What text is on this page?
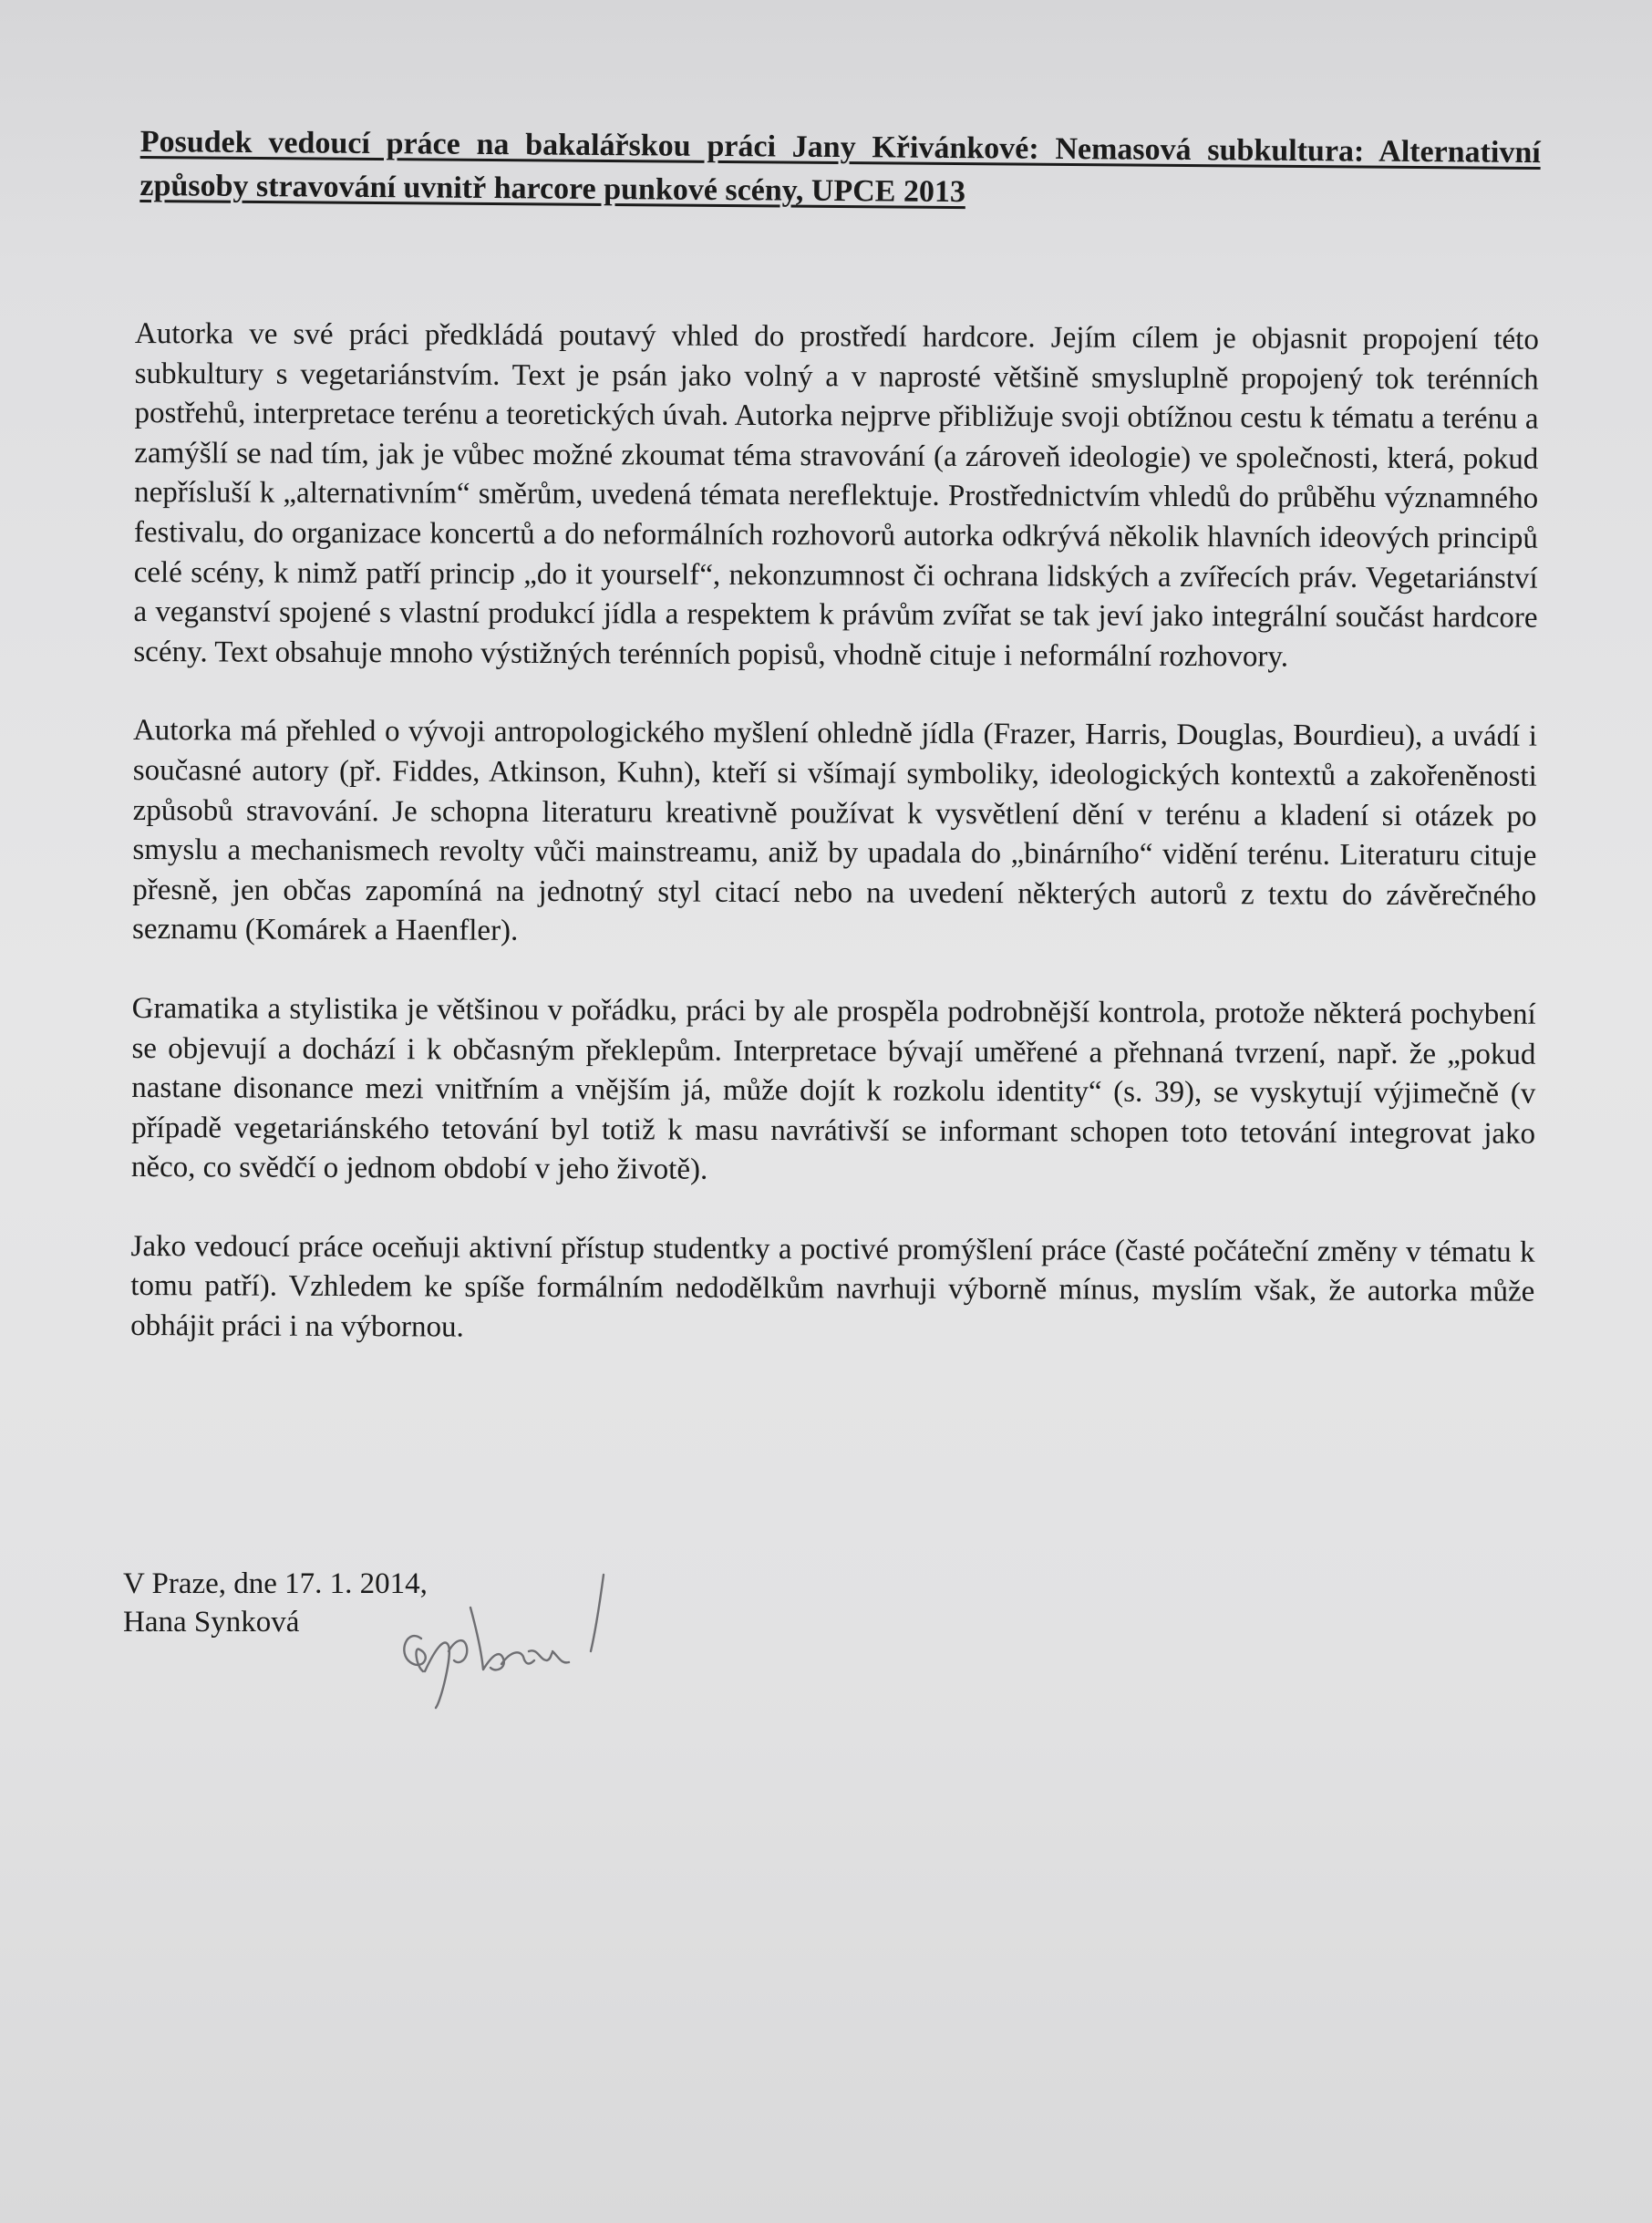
Posudek vedoucí práce na bakalářskou práci Jany Křivánkové: Nemasová subkultura: Alternativní způsoby stravování uvnitř harcore punkové scény, UPCE 2013

Autorka ve své práci předkládá poutavý vhled do prostředí hardcore. Jejím cílem je objasnit propojení této subkultury s vegetariánstvím. Text je psán jako volný a v naprosté většině smysluplně propojený tok terénních postřehů, interpretace terénu a teoretických úvah. Autorka nejprve přibližuje svoji obtížnou cestu k tématu a terénu a zamýšlí se nad tím, jak je vůbec možné zkoumat téma stravování (a zároveň ideologie) ve společnosti, která, pokud nepřísluší k „alternativním“ směrům, uvedená témata nereflektuje. Prostřednictvím vhledů do průběhu významného festivalu, do organizace koncertů a do neformálních rozhovorů autorka odkrývá několik hlavních ideových principů celé scény, k nimž patří princip „do it yourself“, nekonzumnost či ochrana lidských a zvířecích práv. Vegetariánství a veganství spojené s vlastní produkcí jídla a respektem k právům zvířat se tak jeví jako integrální součást hardcore scény. Text obsahuje mnoho výstižných terénních popisů, vhodně cituje i neformální rozhovory.

Autorka má přehled o vývoji antropologického myšlení ohledně jídla (Frazer, Harris, Douglas, Bourdieu), a uvádí i současné autory (př. Fiddes, Atkinson, Kuhn), kteří si všímají symboliky, ideologických kontextů a zakořeněnosti způsobů stravování. Je schopna literaturu kreativně používat k vysvětlení dění v terénu a kladení si otázek po smyslu a mechanismech revolty vůči mainstreamu, aniž by upadala do „binárního“ vidění terénu. Literaturu cituje přesně, jen občas zapomíná na jednotný styl citací nebo na uvedení některých autorů z textu do závěrečného seznamu (Komárek a Haenfler).

Gramatika a stylistika je většinou v pořádku, práci by ale prospěla podrobnější kontrola, protože některá pochybení se objevují a dochází i k občasným překlepům. Interpretace bývají uměřené a přehnaná tvrzení, např. že „pokud nastane disonance mezi vnitřním a vnějším já, může dojít k rozkolu identity“ (s. 39), se vyskytují výjimečně (v případě vegetariánského tetování byl totiž k masu navrátivší se informant schopen toto tetování integrovat jako něco, co svědčí o jednom období v jeho životě).

Jako vedoucí práce oceňuji aktivní přístup studentky a poctivé promýšlení práce (časté počáteční změny v tématu k tomu patří). Vzhledem ke spíše formálním nedodělkům navrhuji výborně mínus, myslím však, že autorka může obhájit práci i na výbornou.

V Praze, dne 17. 1. 2014,
Hana Synková
